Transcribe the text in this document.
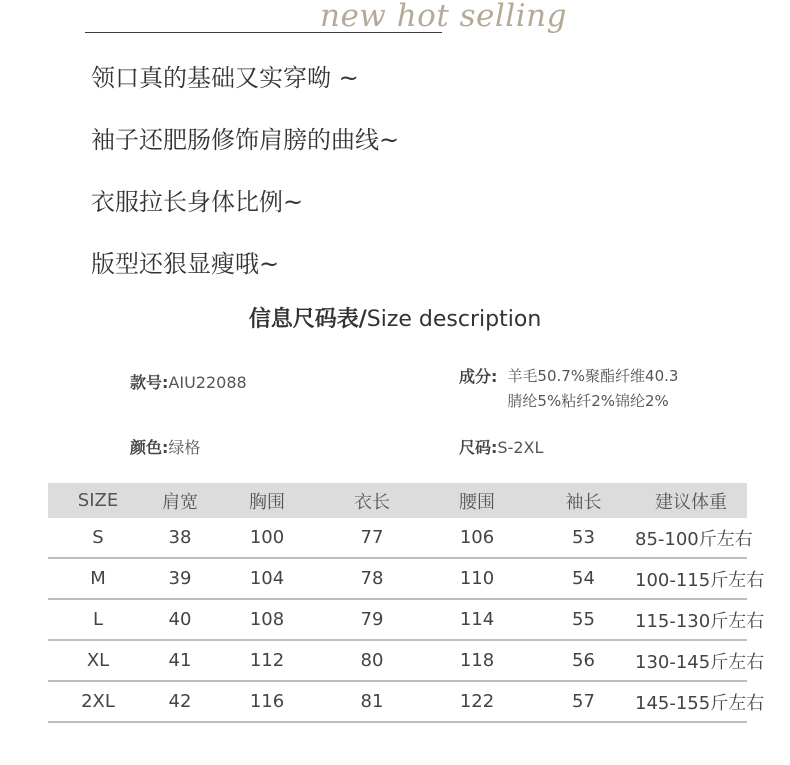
new hot selling
领口真的基础又实穿呦 ~
袖子还肥肠修饰肩膀的曲线~
衣服拉长身体比例~
版型还狠显瘦哦~
信息尺码表/Size description
款号:AIU22088	成分: 羊毛50.7%聚酯纤维40.3
腈纶5%粘纤2%锦纶2%
颜色:绿格	尺码:S-2XL
SIZE	肩宽	胸围	衣长	腰围	袖长	建议体重
S	38	100	77	106	53	85-100斤左右
M	39	104	78	110	54	100-115斤左右
L	40	108	79	114	55	115-130斤左右
XL	41	112	80	118	56	130-145斤左右
2XL	42	116	81	122	57	145-155斤左右
